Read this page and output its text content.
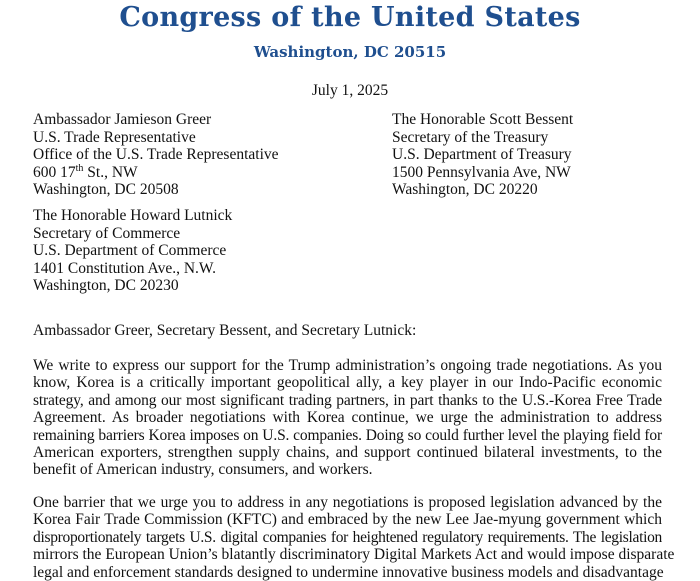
Congress of the United States
Washington, DC 20515
July 1, 2025
Ambassador Jamieson Greer
U.S. Trade Representative
Office of the U.S. Trade Representative
600 17th St., NW
Washington, DC 20508
The Honorable Scott Bessent
Secretary of the Treasury
U.S. Department of Treasury
1500 Pennsylvania Ave, NW
Washington, DC 20220
The Honorable Howard Lutnick
Secretary of Commerce
U.S. Department of Commerce
1401 Constitution Ave., N.W.
Washington, DC 20230
Ambassador Greer, Secretary Bessent, and Secretary Lutnick:
We write to express our support for the Trump administration’s ongoing trade negotiations. As you
know, Korea is a critically important geopolitical ally, a key player in our Indo-Pacific economic
strategy, and among our most significant trading partners, in part thanks to the U.S.-Korea Free Trade
Agreement. As broader negotiations with Korea continue, we urge the administration to address
remaining barriers Korea imposes on U.S. companies. Doing so could further level the playing field for
American exporters, strengthen supply chains, and support continued bilateral investments, to the
benefit of American industry, consumers, and workers.
One barrier that we urge you to address in any negotiations is proposed legislation advanced by the
Korea Fair Trade Commission (KFTC) and embraced by the new Lee Jae-myung government which
disproportionately targets U.S. digital companies for heightened regulatory requirements. The legislation
mirrors the European Union’s blatantly discriminatory Digital Markets Act and would impose disparate
legal and enforcement standards designed to undermine innovative business models and disadvantage
